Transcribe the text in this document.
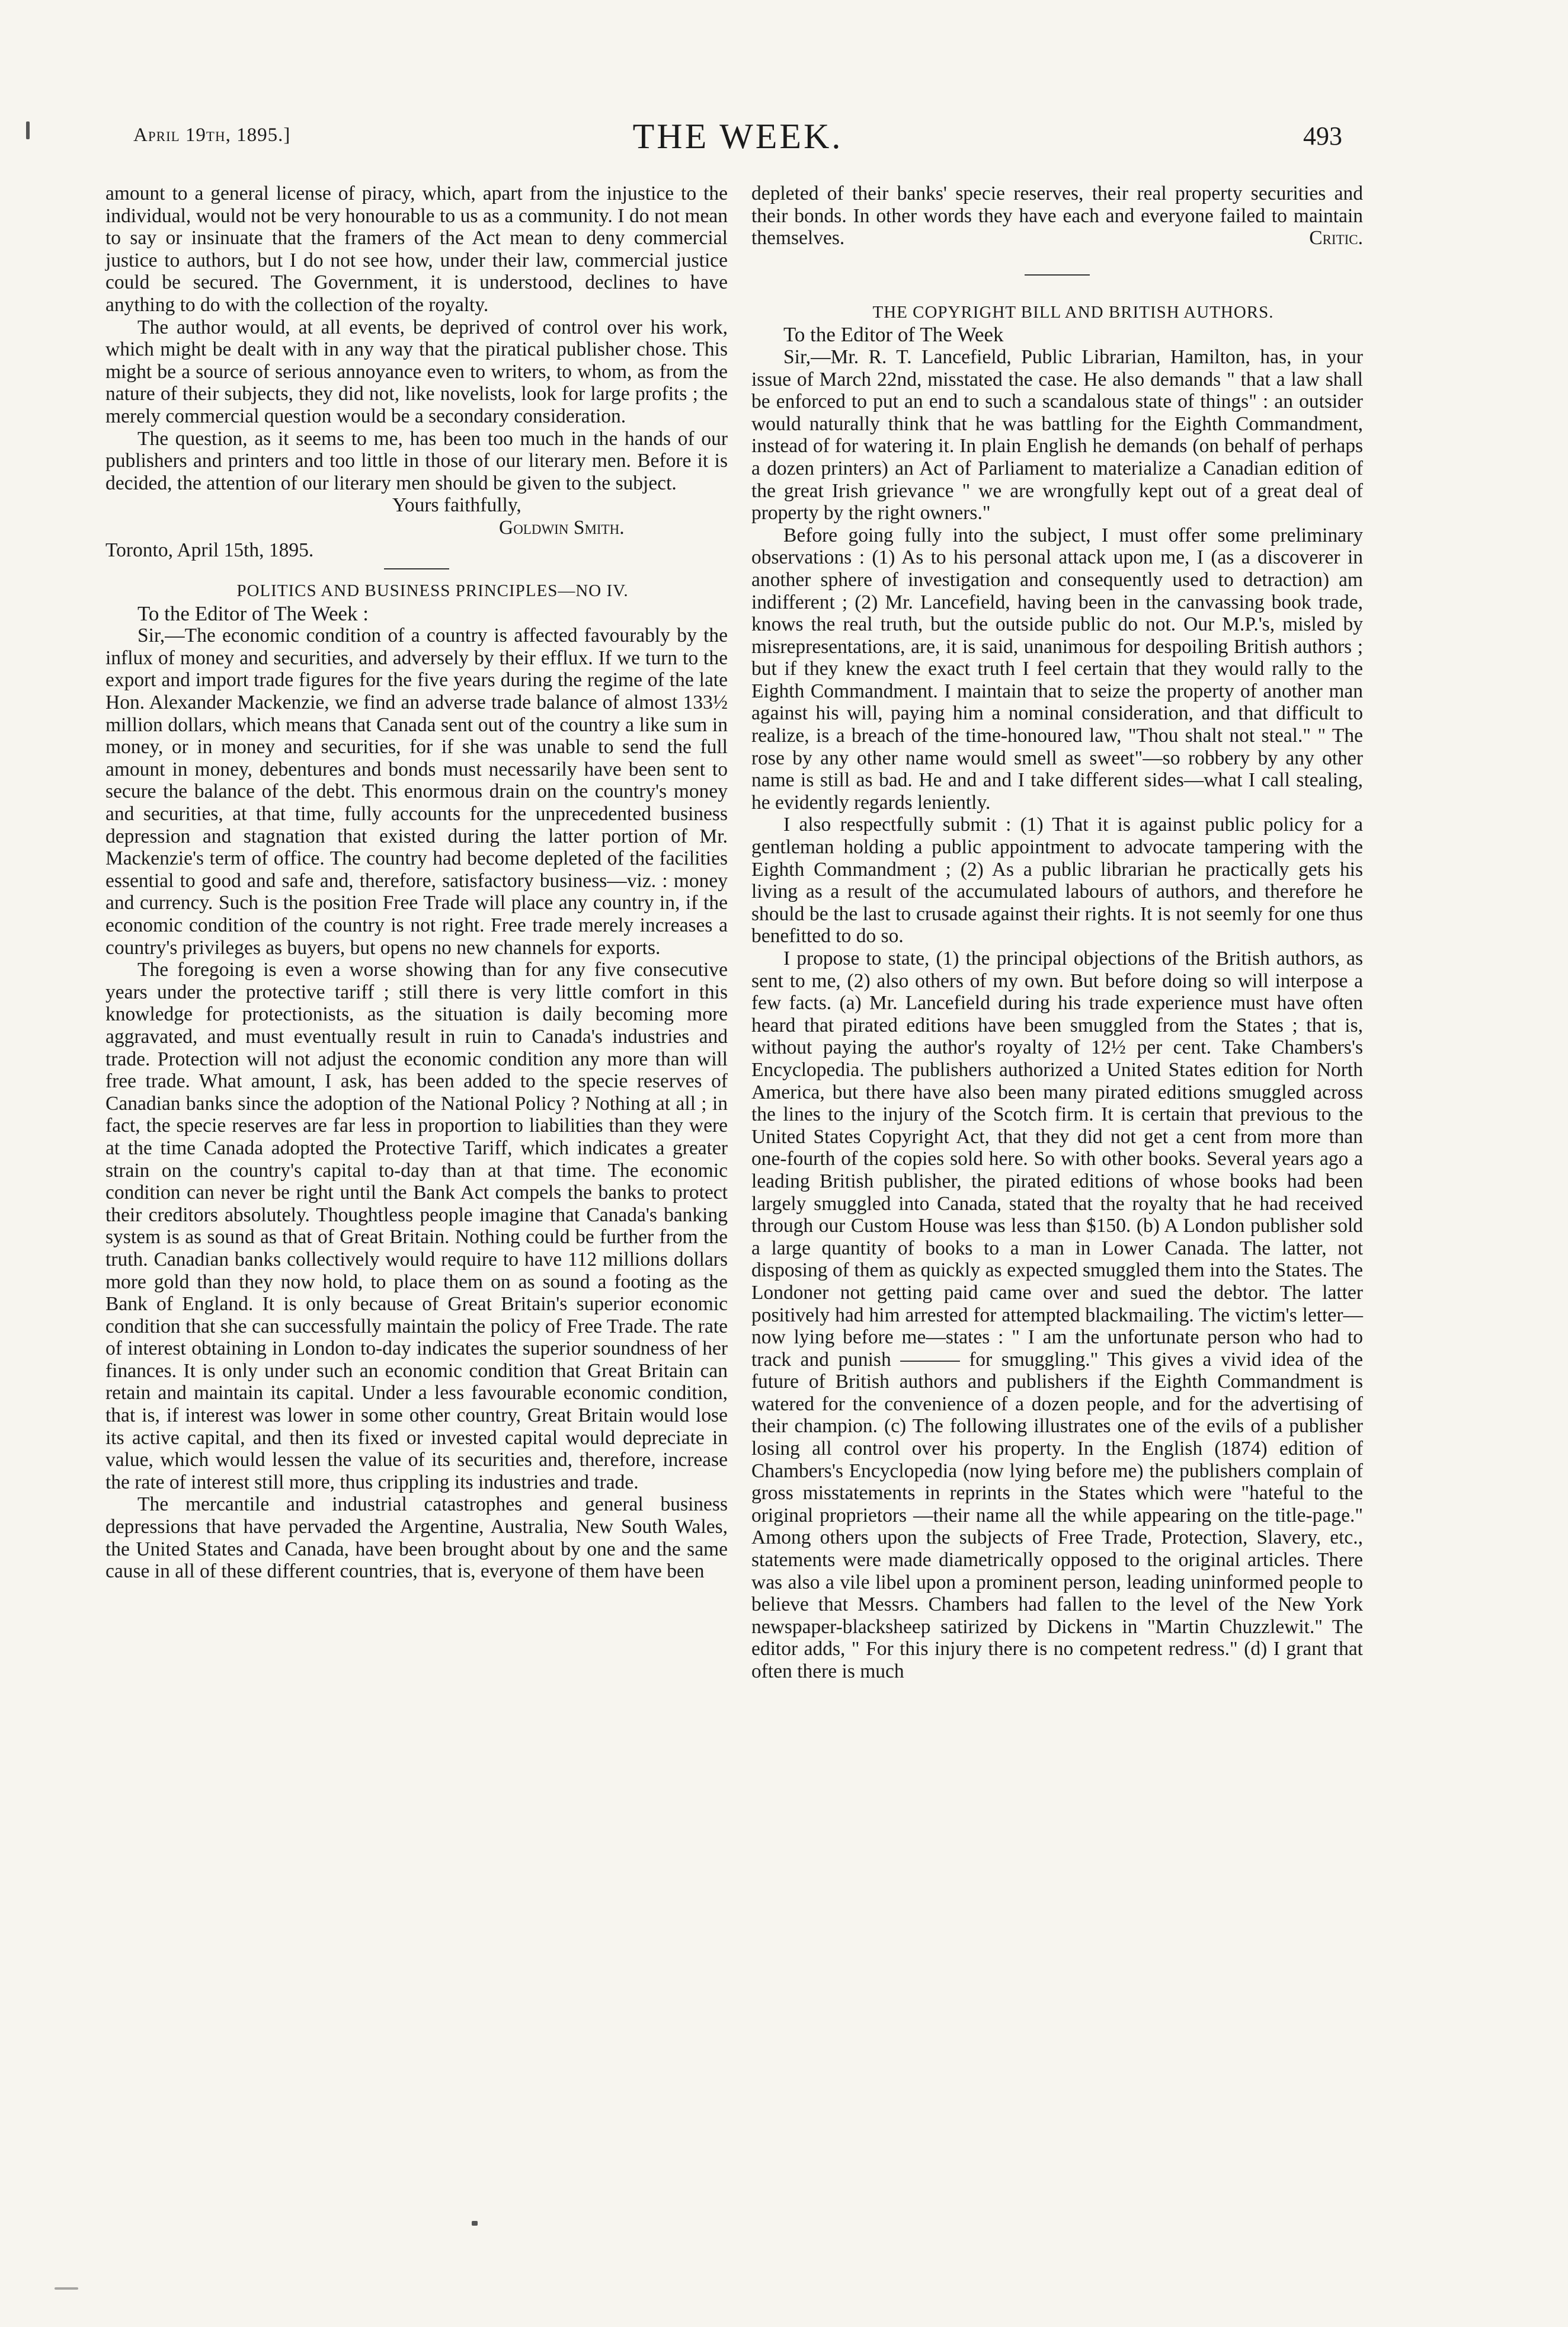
April 19th, 1895.]	THE WEEK.	493

amount to a general license of piracy, which, apart from the injustice to the individual, would not be very honourable to us as a community. I do not mean to say or insinuate that the framers of the Act mean to deny commercial justice to authors, but I do not see how, under their law, commercial justice could be secured. The Government, it is understood, declines to have anything to do with the collection of the royalty.

The author would, at all events, be deprived of control over his work, which might be dealt with in any way that the piratical publisher chose. This might be a source of serious annoyance even to writers, to whom, as from the nature of their subjects, they did not, like novelists, look for large profits ; the merely commercial question would be a secondary consideration.

The question, as it seems to me, has been too much in the hands of our publishers and printers and too little in those of our literary men. Before it is decided, the attention of our literary men should be given to the subject.

Yours faithfully,

Goldwin Smith.

Toronto, April 15th, 1895.

POLITICS AND BUSINESS PRINCIPLES—NO IV.

To the Editor of The Week :

Sir,—The economic condition of a country is affected favourably by the influx of money and securities, and adversely by their efflux. If we turn to the export and import trade figures for the five years during the regime of the late Hon. Alexander Mackenzie, we find an adverse trade balance of almost 133½ million dollars, which means that Canada sent out of the country a like sum in money, or in money and securities, for if she was unable to send the full amount in money, debentures and bonds must necessarily have been sent to secure the balance of the debt. This enormous drain on the country's money and securities, at that time, fully accounts for the unprecedented business depression and stagnation that existed during the latter portion of Mr. Mackenzie's term of office. The country had become depleted of the facilities essential to good and safe and, therefore, satisfactory business—viz. : money and currency. Such is the position Free Trade will place any country in, if the economic condition of the country is not right. Free trade merely increases a country's privileges as buyers, but opens no new channels for exports.

The foregoing is even a worse showing than for any five consecutive years under the protective tariff ; still there is very little comfort in this knowledge for protectionists, as the situation is daily becoming more aggravated, and must eventually result in ruin to Canada's industries and trade. Protection will not adjust the economic condition any more than will free trade. What amount, I ask, has been added to the specie reserves of Canadian banks since the adoption of the National Policy ? Nothing at all ; in fact, the specie reserves are far less in proportion to liabilities than they were at the time Canada adopted the Protective Tariff, which indicates a greater strain on the country's capital to-day than at that time. The economic condition can never be right until the Bank Act compels the banks to protect their creditors absolutely. Thoughtless people imagine that Canada's banking system is as sound as that of Great Britain. Nothing could be further from the truth. Canadian banks collectively would require to have 112 millions dollars more gold than they now hold, to place them on as sound a footing as the Bank of England. It is only because of Great Britain's superior economic condition that she can successfully maintain the policy of Free Trade. The rate of interest obtaining in London to-day indicates the superior soundness of her finances. It is only under such an economic condition that Great Britain can retain and maintain its capital. Under a less favourable economic condition, that is, if interest was lower in some other country, Great Britain would lose its active capital, and then its fixed or invested capital would depreciate in value, which would lessen the value of its securities and, therefore, increase the rate of interest still more, thus crippling its industries and trade.

The mercantile and industrial catastrophes and general business depressions that have pervaded the Argentine, Australia, New South Wales, the United States and Canada, have been brought about by one and the same cause in all of these different countries, that is, everyone of them have been

depleted of their banks' specie reserves, their real property securities and their bonds. In other words they have each and everyone failed to maintain themselves.	Critic.

THE COPYRIGHT BILL AND BRITISH AUTHORS.

To the Editor of The Week

Sir,—Mr. R. T. Lancefield, Public Librarian, Hamilton, has, in your issue of March 22nd, misstated the case. He also demands " that a law shall be enforced to put an end to such a scandalous state of things" : an outsider would naturally think that he was battling for the Eighth Commandment, instead of for watering it. In plain English he demands (on behalf of perhaps a dozen printers) an Act of Parliament to materialize a Canadian edition of the great Irish grievance " we are wrongfully kept out of a great deal of property by the right owners."

Before going fully into the subject, I must offer some preliminary observations : (1) As to his personal attack upon me, I (as a discoverer in another sphere of investigation and consequently used to detraction) am indifferent ; (2) Mr. Lancefield, having been in the canvassing book trade, knows the real truth, but the outside public do not. Our M.P.'s, misled by misrepresentations, are, it is said, unanimous for despoiling British authors ; but if they knew the exact truth I feel certain that they would rally to the Eighth Commandment. I maintain that to seize the property of another man against his will, paying him a nominal consideration, and that difficult to realize, is a breach of the time-honoured law, "Thou shalt not steal." " The rose by any other name would smell as sweet"—so robbery by any other name is still as bad. He and and I take different sides—what I call stealing, he evidently regards leniently.

I also respectfully submit : (1) That it is against public policy for a gentleman holding a public appointment to advocate tampering with the Eighth Commandment ; (2) As a public librarian he practically gets his living as a result of the accumulated labours of authors, and therefore he should be the last to crusade against their rights. It is not seemly for one thus benefitted to do so.

I propose to state, (1) the principal objections of the British authors, as sent to me, (2) also others of my own. But before doing so will interpose a few facts. (a) Mr. Lancefield during his trade experience must have often heard that pirated editions have been smuggled from the States ; that is, without paying the author's royalty of 12½ per cent. Take Chambers's Encyclopedia. The publishers authorized a United States edition for North America, but there have also been many pirated editions smuggled across the lines to the injury of the Scotch firm. It is certain that previous to the United States Copyright Act, that they did not get a cent from more than one-fourth of the copies sold here. So with other books. Several years ago a leading British publisher, the pirated editions of whose books had been largely smuggled into Canada, stated that the royalty that he had received through our Custom House was less than $150. (b) A London publisher sold a large quantity of books to a man in Lower Canada. The latter, not disposing of them as quickly as expected smuggled them into the States. The Londoner not getting paid came over and sued the debtor. The latter positively had him arrested for attempted blackmailing. The victim's letter—now lying before me—states : " I am the unfortunate person who had to track and punish ——— for smuggling." This gives a vivid idea of the future of British authors and publishers if the Eighth Commandment is watered for the convenience of a dozen people, and for the advertising of their champion. (c) The following illustrates one of the evils of a publisher losing all control over his property. In the English (1874) edition of Chambers's Encyclopedia (now lying before me) the publishers complain of gross misstatements in reprints in the States which were "hateful to the original proprietors —their name all the while appearing on the title-page." Among others upon the subjects of Free Trade, Protection, Slavery, etc., statements were made diametrically opposed to the original articles. There was also a vile libel upon a prominent person, leading uninformed people to believe that Messrs. Chambers had fallen to the level of the New York newspaper-blacksheep satirized by Dickens in "Martin Chuzzlewit." The editor adds, " For this injury there is no competent redress." (d) I grant that often there is much
